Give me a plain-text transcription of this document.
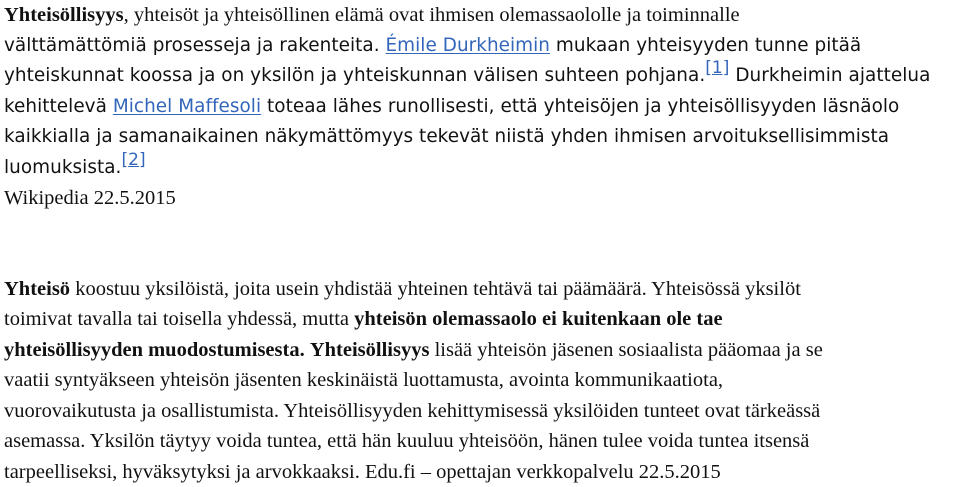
Yhteisöllisyys, yhteisöt ja yhteisöllinen elämä ovat ihmisen olemassaololle ja toiminnalle

välttämättömiä prosesseja ja rakenteita. Émile Durkheimin mukaan yhteisyyden tunne pitää

yhteiskunnat koossa ja on yksilön ja yhteiskunnan välisen suhteen pohjana.[1] Durkheimin ajattelua

kehittelevä Michel Maffesoli toteaa lähes runollisesti, että yhteisöjen ja yhteisöllisyyden läsnäolo

kaikkialla ja samanaikainen näkymättömyys tekevät niistä yhden ihmisen arvoituksellisimmista

luomuksista.[2]

Wikipedia 22.5.2015

Yhteisö koostuu yksilöistä, joita usein yhdistää yhteinen tehtävä tai päämäärä. Yhteisössä yksilöt

toimivat tavalla tai toisella yhdessä, mutta yhteisön olemassaolo ei kuitenkaan ole tae

yhteisöllisyyden muodostumisesta. Yhteisöllisyys lisää yhteisön jäsenen sosiaalista pääomaa ja se

vaatii syntyäkseen yhteisön jäsenten keskinäistä luottamusta, avointa kommunikaatiota,

vuorovaikutusta ja osallistumista. Yhteisöllisyyden kehittymisessä yksilöiden tunteet ovat tärkeässä

asemassa. Yksilön täytyy voida tuntea, että hän kuuluu yhteisöön, hänen tulee voida tuntea itsensä

tarpeelliseksi, hyväksytyksi ja arvokkaaksi. Edu.fi – opettajan verkkopalvelu 22.5.2015
